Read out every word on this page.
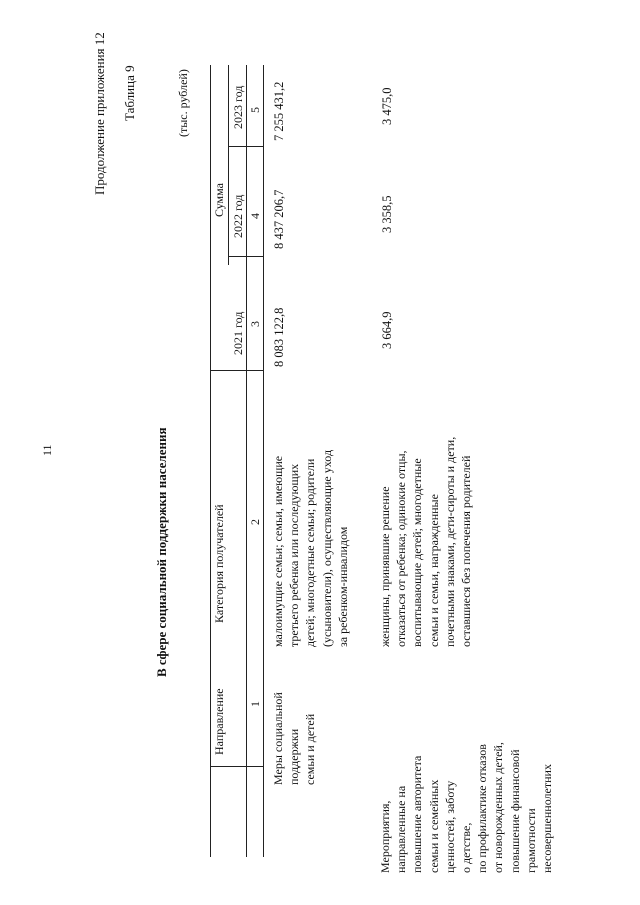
11
Продолжение приложения 12 Таблица 9
В сфере социальной поддержки населения
(тыс. рублей)
Направление
Категория получателей
Сумма
2021 год
2022 год
2023 год
1
2
3
4
5
Меры социальной поддержки семьи и детей
малоимущие семьи; семьи, имеющие третьего ребенка или последующих детей; многодетные семьи; родители (усыновители), осуществляющие уход за ребенком-инвалидом
8 083 122,8
8 437 206,7
7 255 431,2
Мероприятия, направленные на повышение авторитета семьи и семейных ценностей, заботу о детстве, по профилактике отказов от новорожденных детей, повышение финансовой грамотности несовершеннолетних
женщины, принявшие решение отказаться от ребенка; одинокие отцы, воспитывающие детей; многодетные семьи и семьи, награжденные почетными знаками, дети-сироты и дети, оставшиеся без попечения родителей
3 664,9
3 358,5
3 475,0
